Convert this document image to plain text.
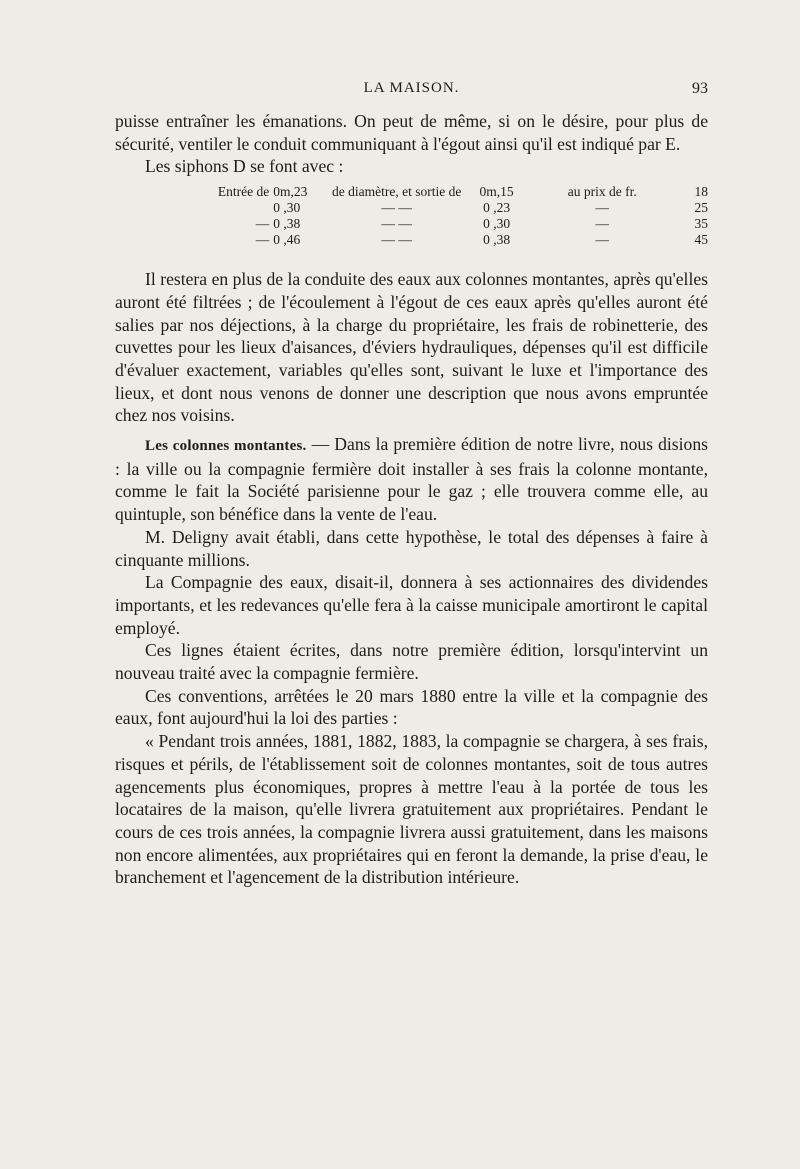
LA MAISON.	93

puisse entraîner les émanations. On peut de même, si on le désire, pour plus de sécurité, ventiler le conduit communiquant à l'égout ainsi qu'il est indiqué par E.

Les siphons D se font avec :

Entrée de	0m,23	de diamètre, et sortie de	0m,15	au prix de fr.	18
	0 ,30	— —	0 ,23	—	25
—	0 ,38	— —	0 ,30	—	35
—	0 ,46	— —	0 ,38	—	45

Il restera en plus de la conduite des eaux aux colonnes montantes, après qu'elles auront été filtrées ; de l'écoulement à l'égout de ces eaux après qu'elles auront été salies par nos déjections, à la charge du propriétaire, les frais de robinetterie, des cuvettes pour les lieux d'aisances, d'éviers hydrauliques, dépenses qu'il est difficile d'évaluer exactement, variables qu'elles sont, suivant le luxe et l'importance des lieux, et dont nous venons de donner une description que nous avons empruntée chez nos voisins.

Les colonnes montantes. — Dans la première édition de notre livre, nous disions : la ville ou la compagnie fermière doit installer à ses frais la colonne montante, comme le fait la Société parisienne pour le gaz ; elle trouvera comme elle, au quintuple, son bénéfice dans la vente de l'eau.

M. Deligny avait établi, dans cette hypothèse, le total des dépenses à faire à cinquante millions.

La Compagnie des eaux, disait-il, donnera à ses actionnaires des dividendes importants, et les redevances qu'elle fera à la caisse municipale amortiront le capital employé.

Ces lignes étaient écrites, dans notre première édition, lorsqu'intervint un nouveau traité avec la compagnie fermière.

Ces conventions, arrêtées le 20 mars 1880 entre la ville et la compagnie des eaux, font aujourd'hui la loi des parties :

« Pendant trois années, 1881, 1882, 1883, la compagnie se chargera, à ses frais, risques et périls, de l'établissement soit de colonnes montantes, soit de tous autres agencements plus économiques, propres à mettre l'eau à la portée de tous les locataires de la maison, qu'elle livrera gratuitement aux propriétaires. Pendant le cours de ces trois années, la compagnie livrera aussi gratuitement, dans les maisons non encore alimentées, aux propriétaires qui en feront la demande, la prise d'eau, le branchement et l'agencement de la distribution intérieure.
